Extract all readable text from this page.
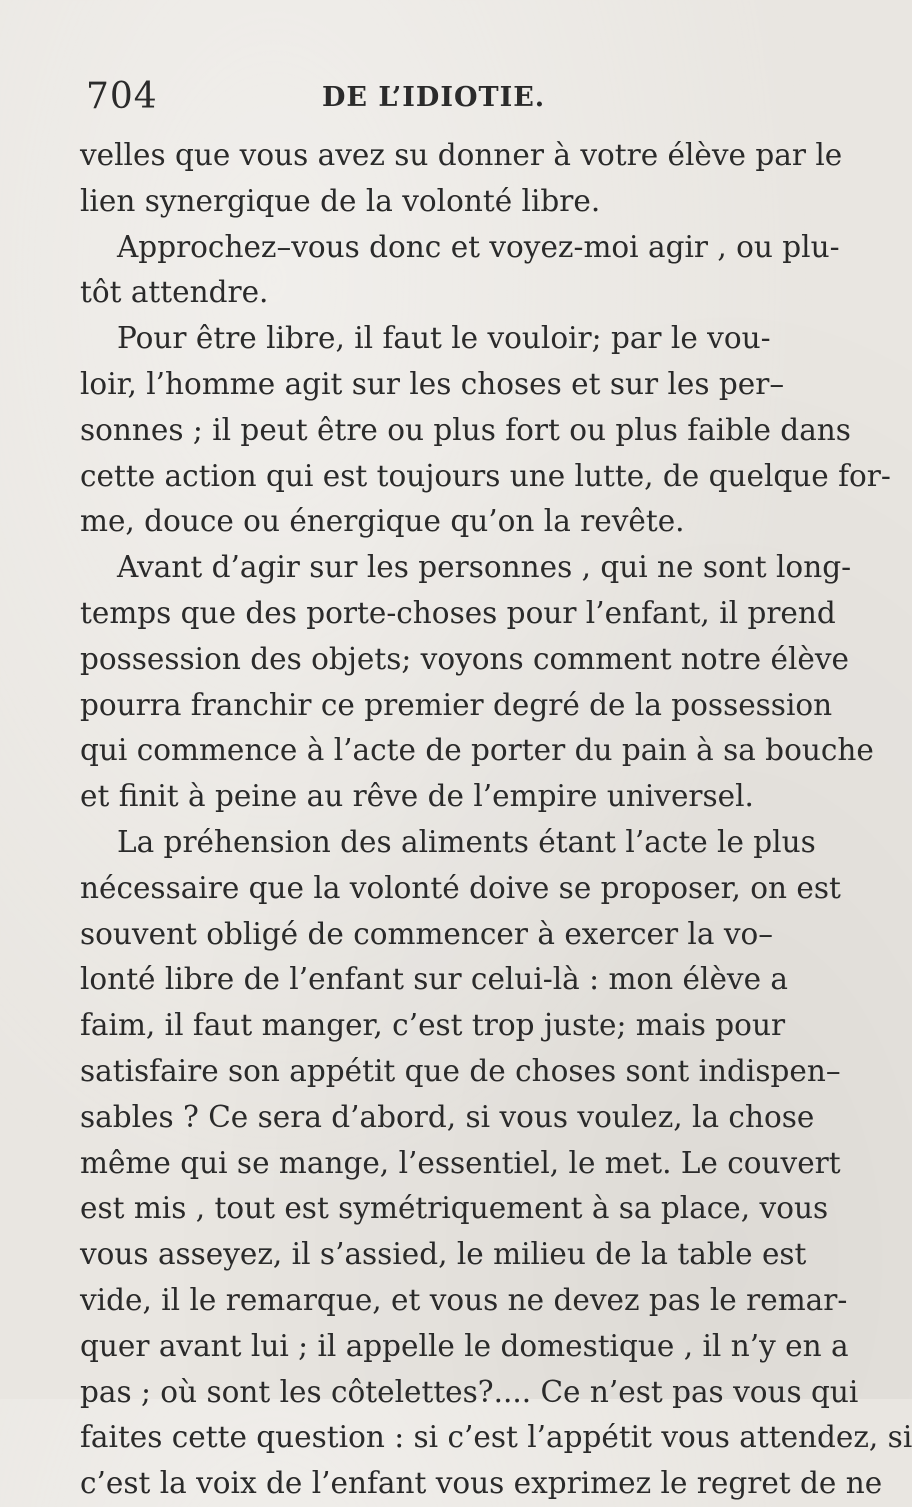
704	DE L’IDIOTIE.
velles que vous avez su donner à votre élève par le
lien synergique de la volonté libre.
Approchez–vous donc et voyez-moi agir , ou plu-
tôt attendre.
Pour être libre, il faut le vouloir; par le vou-
loir, l’homme agit sur les choses et sur les per–
sonnes ; il peut être ou plus fort ou plus faible dans
cette action qui est toujours une lutte, de quelque for-
me, douce ou énergique qu’on la revête.
Avant d’agir sur les personnes , qui ne sont long-
temps que des porte-choses pour l’enfant, il prend
possession des objets; voyons comment notre élève
pourra franchir ce premier degré de la possession
qui commence à l’acte de porter du pain à sa bouche
et finit à peine au rêve de l’empire universel.
La préhension des aliments étant l’acte le plus
nécessaire que la volonté doive se proposer, on est
souvent obligé de commencer à exercer la vo–
lonté libre de l’enfant sur celui-là : mon élève a
faim, il faut manger, c’est trop juste; mais pour
satisfaire son appétit que de choses sont indispen–
sables ? Ce sera d’abord, si vous voulez, la chose
même qui se mange, l’essentiel, le met. Le couvert
est mis , tout est symétriquement à sa place, vous
vous asseyez, il s’assied, le milieu de la table est
vide, il le remarque, et vous ne devez pas le remar-
quer avant lui ; il appelle le domestique , il n’y en a
pas ; où sont les côtelettes?.... Ce n’est pas vous qui
faites cette question : si c’est l’appétit vous attendez, si
c’est la voix de l’enfant vous exprimez le regret de ne
